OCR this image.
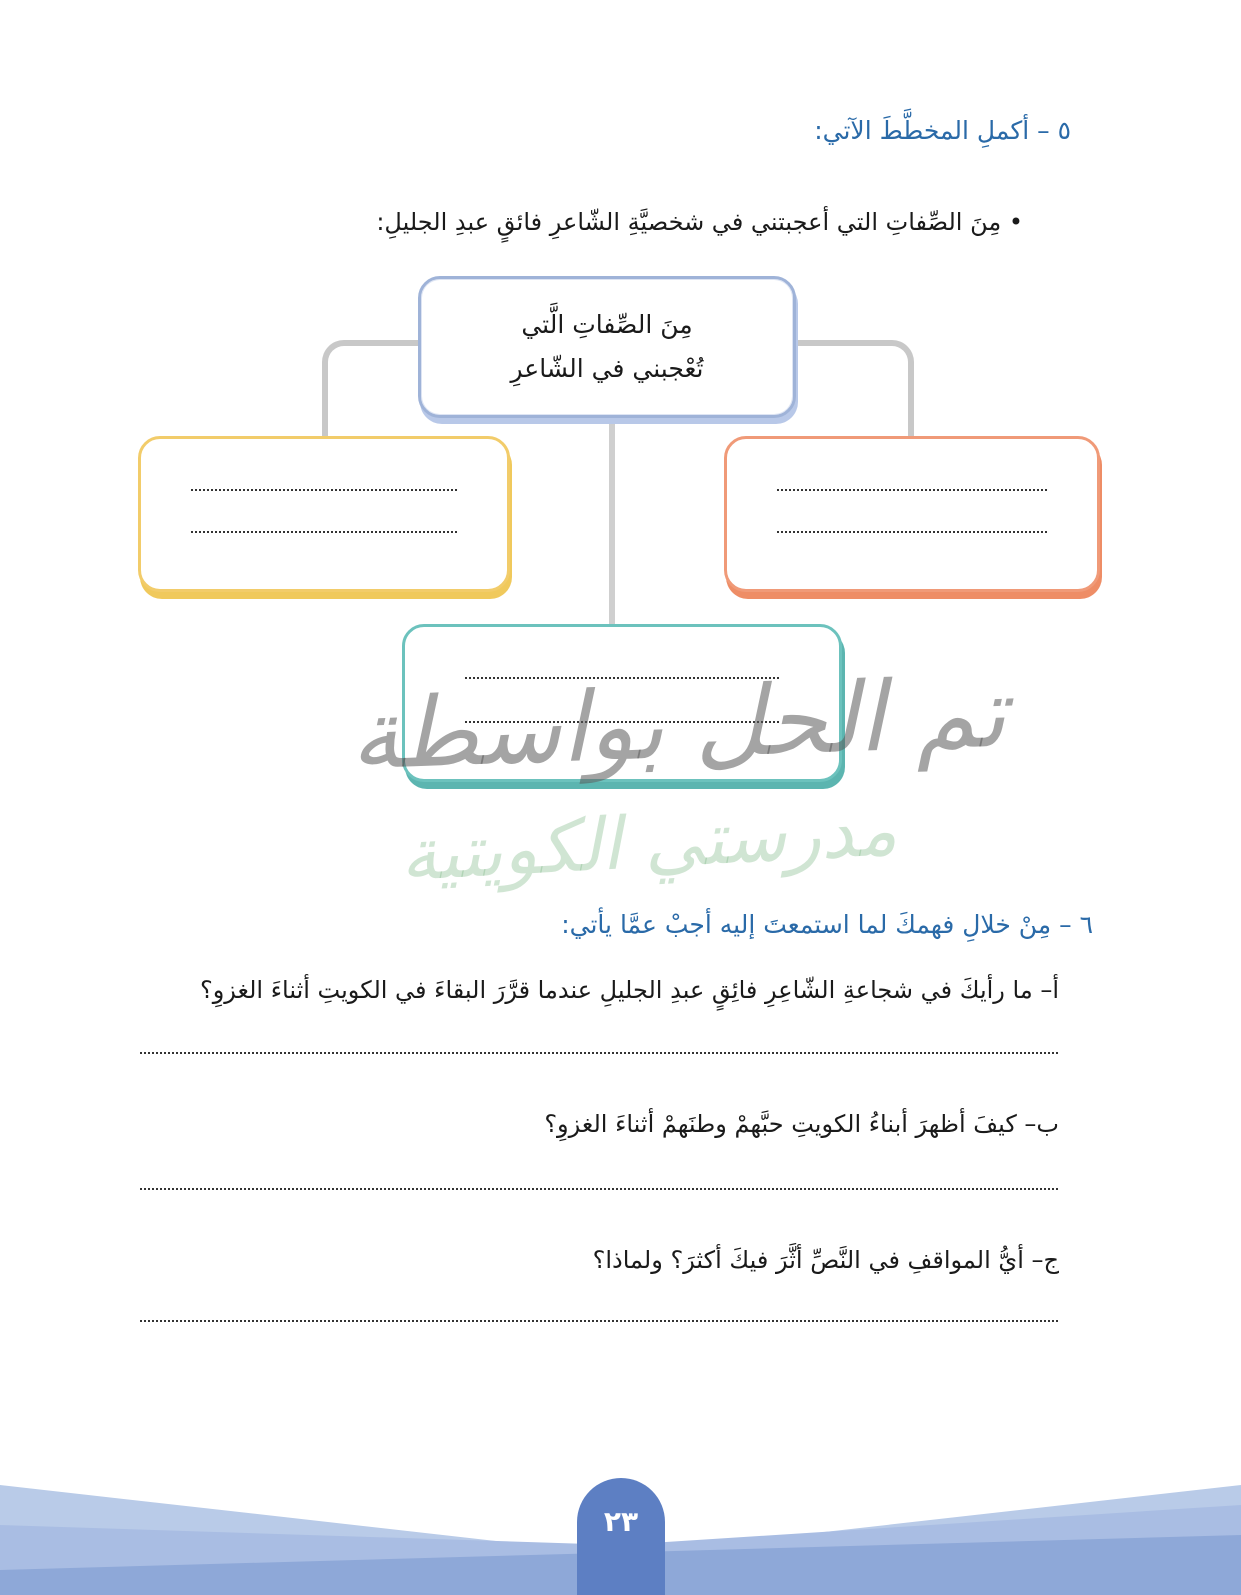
٥ – أكملِ المخطَّطَ الآتي:
• مِنَ الصِّفاتِ التي أعجبتني في شخصيَّةِ الشّاعرِ فائقٍ عبدِ الجليلِ:
مِنَ الصِّفاتِ الَّتي
تُعْجبني في الشّاعرِ
تم الحل بواسطة
مدرستي الكويتية
٦ – مِنْ خلالِ فهمكَ لما استمعتَ إليه أجبْ عمَّا يأتي:
أ– ما رأيكَ في شجاعةِ الشّاعِرِ فائِقٍ عبدِ الجليلِ عندما قرَّرَ البقاءَ في الكويتِ أثناءَ الغزوِ؟
ب– كيفَ أظهرَ أبناءُ الكويتِ حبَّهمْ وطنَهمْ أثناءَ الغزوِ؟
ج– أيُّ المواقفِ في النَّصِّ أثَّرَ فيكَ أكثرَ؟ ولماذا؟
٢٣
